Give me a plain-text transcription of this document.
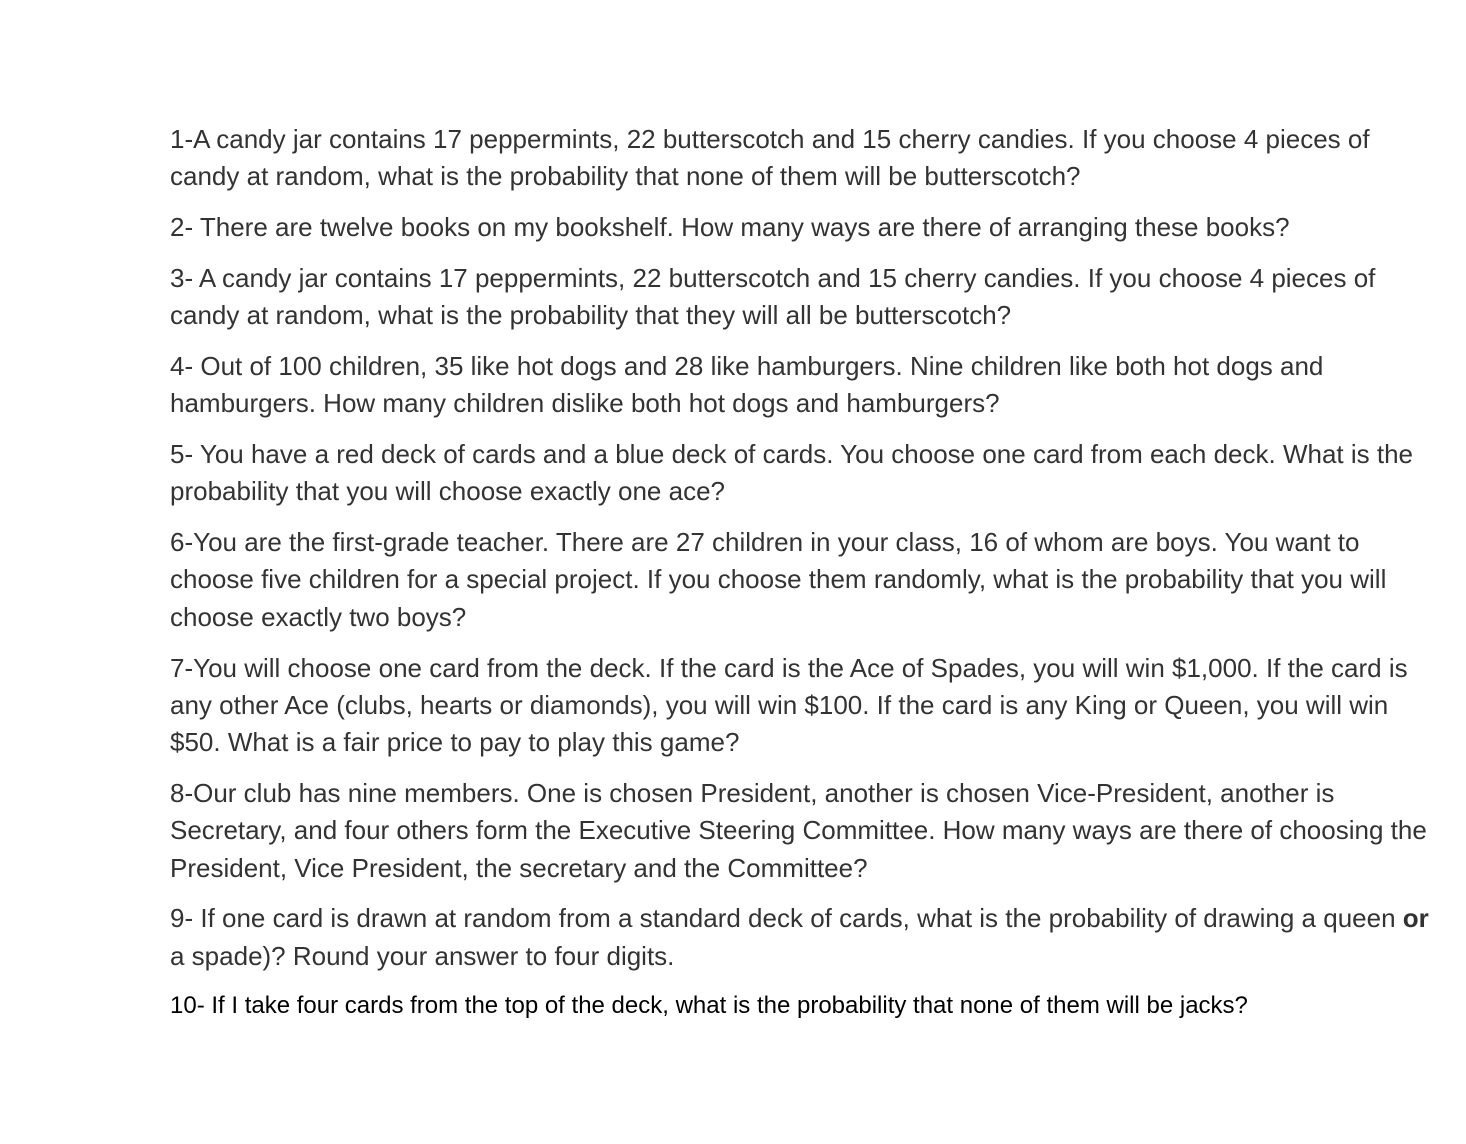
1-A candy jar contains 17 peppermints, 22 butterscotch and 15 cherry candies. If you choose 4 pieces of candy at random, what is the probability that none of them will be butterscotch?

2- There are twelve books on my bookshelf. How many ways are there of arranging these books?

3- A candy jar contains 17 peppermints, 22 butterscotch and 15 cherry candies. If you choose 4 pieces of candy at random, what is the probability that they will all be butterscotch?

4- Out of 100 children, 35 like hot dogs and 28 like hamburgers. Nine children like both hot dogs and hamburgers. How many children dislike both hot dogs and hamburgers?

5- You have a red deck of cards and a blue deck of cards. You choose one card from each deck. What is the probability that you will choose exactly one ace?

6-You are the first-grade teacher. There are 27 children in your class, 16 of whom are boys. You want to choose five children for a special project. If you choose them randomly, what is the probability that you will choose exactly two boys?

7-You will choose one card from the deck. If the card is the Ace of Spades, you will win $1,000. If the card is any other Ace (clubs, hearts or diamonds), you will win $100. If the card is any King or Queen, you will win $50. What is a fair price to pay to play this game?

8-Our club has nine members. One is chosen President, another is chosen Vice-President, another is Secretary, and four others form the Executive Steering Committee. How many ways are there of choosing the President, Vice President, the secretary and the Committee?

9- If one card is drawn at random from a standard deck of cards, what is the probability of drawing a queen or a spade)? Round your answer to four digits.

10- If I take four cards from the top of the deck, what is the probability that none of them will be jacks?
